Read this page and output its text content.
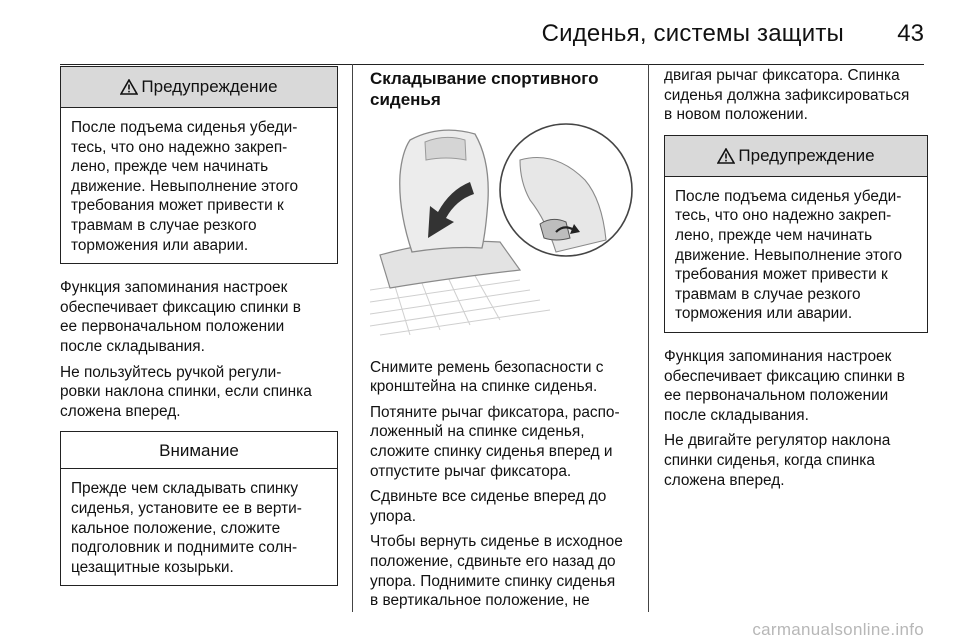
Сиденья, системы защиты 43
Предупреждение
После подъема сиденья убеди-
тесь, что оно надежно закреп-
лено, прежде чем начинать
движение. Невыполнение этого
требования может привести к
травмам в случае резкого
торможения или аварии.

Функция запоминания настроек
обеспечивает фиксацию спинки в
ее первоначальном положении
после складывания.

Не пользуйтесь ручкой регули-
ровки наклона спинки, если спинка
сложена вперед.

Внимание
Прежде чем складывать спинку
сиденья, установите ее в верти-
кальное положение, сложите
подголовник и поднимите солн-
цезащитные козырьки.
Складывание спортивного
сиденья

Снимите ремень безопасности с
кронштейна на спинке сиденья.

Потяните рычаг фиксатора, распо-
ложенный на спинке сиденья,
сложите спинку сиденья вперед и
отпустите рычаг фиксатора.

Сдвиньте все сиденье вперед до
упора.

Чтобы вернуть сиденье в исходное
положение, сдвиньте его назад до
упора. Поднимите спинку сиденья
в вертикальное положение, не

двигая рычаг фиксатора. Спинка
сиденья должна зафиксироваться
в новом положении.

Предупреждение
После подъема сиденья убеди-
тесь, что оно надежно закреп-
лено, прежде чем начинать
движение. Невыполнение этого
требования может привести к
травмам в случае резкого
торможения или аварии.

Функция запоминания настроек
обеспечивает фиксацию спинки в
ее первоначальном положении
после складывания.

Не двигайте регулятор наклона
спинки сиденья, когда спинка
сложена вперед.

carmanualsonline.info
